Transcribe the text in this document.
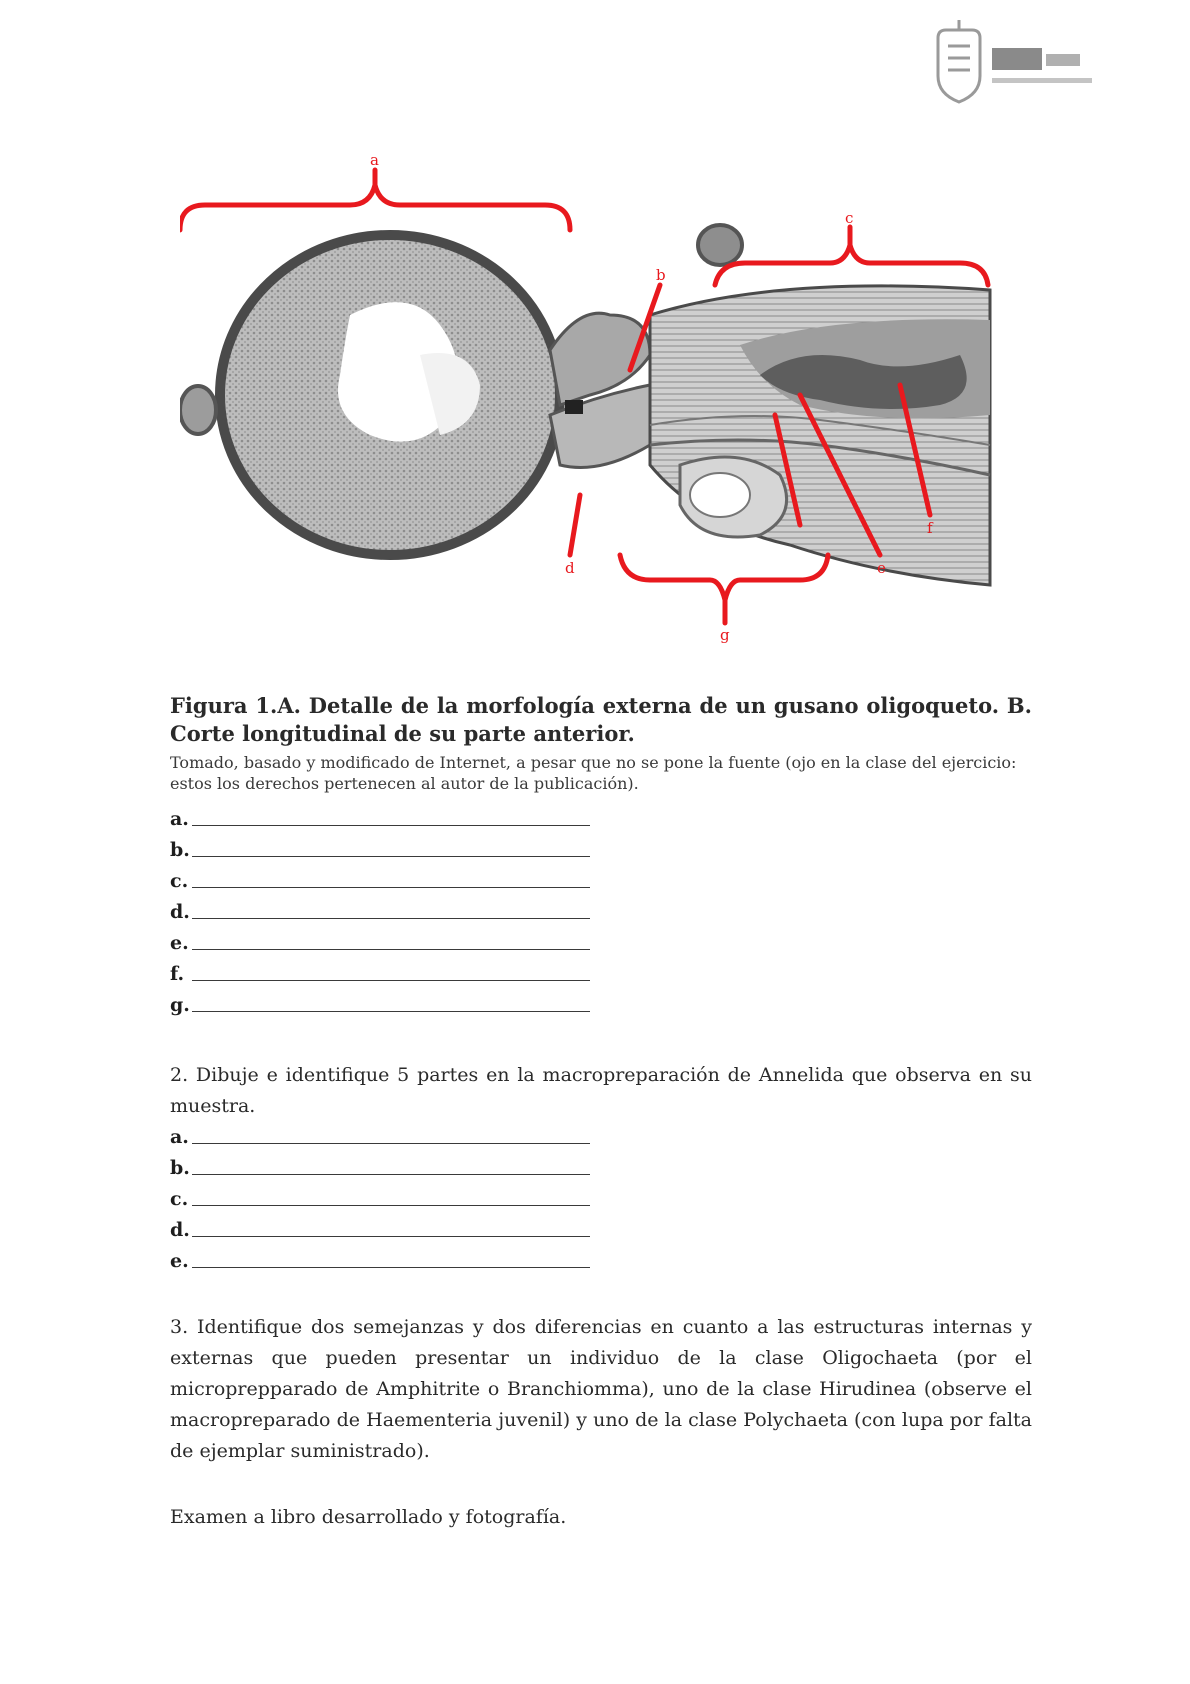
a
c
b
g
e
f
d

Figura 1.A. Detalle de la morfología externa de un gusano oligoqueto. B. Corte longitudinal de su parte anterior.

Tomado, basado y modificado de Internet, a pesar que no se pone la fuente (ojo en la clase del ejercicio: estos los derechos pertenecen al autor de la publicación).

a.
b.
c.
d.
e.
f.
g.

2. Dibuje e identifique 5 partes en la macropreparación de Annelida que observa en su muestra.

a.
b.
c.
d.
e.

3. Identifique dos semejanzas y dos diferencias en cuanto a las estructuras internas y externas que pueden presentar un individuo de la clase Oligochaeta (por el microprepparado de Amphitrite o Branchiomma), uno de la clase Hirudinea (observe el macropreparado de Haementeria juvenil) y uno de la clase Polychaeta (con lupa por falta de ejemplar suministrado).

Examen a libro desarrollado y fotografía.
